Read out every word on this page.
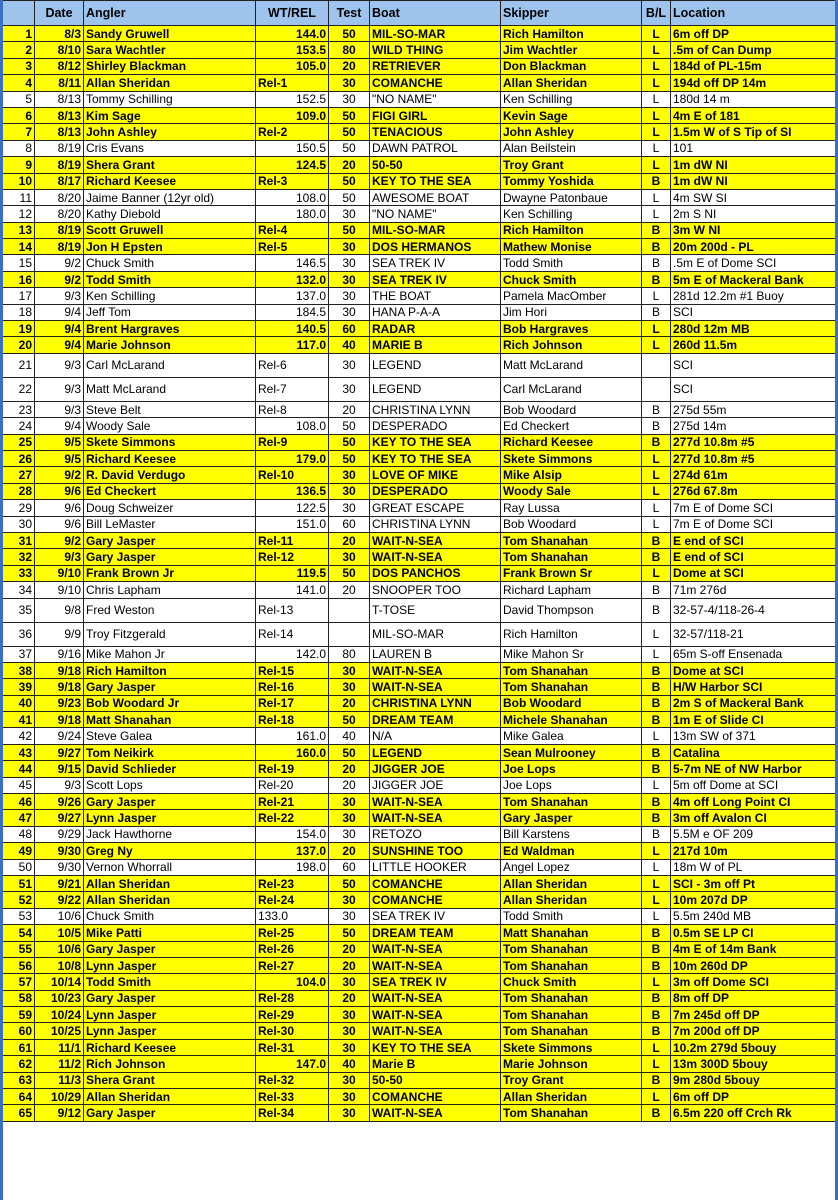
	Date	Angler	WT/REL	Test	Boat	Skipper	B/L	Location
1	8/3	Sandy Gruwell	144.0	50	MIL-SO-MAR	Rich Hamilton	L	6m off DP
2	8/10	Sara Wachtler	153.5	80	WILD THING	Jim Wachtler	L	.5m of Can Dump
3	8/12	Shirley Blackman	105.0	20	RETRIEVER	Don Blackman	L	184d of PL-15m
4	8/11	Allan Sheridan	Rel-1	30	COMANCHE	Allan Sheridan	L	194d off DP 14m
5	8/13	Tommy Schilling	152.5	30	"NO NAME"	Ken Schilling	L	180d 14 m
6	8/13	Kim Sage	109.0	50	FIGI GIRL	Kevin Sage	L	4m E of 181
7	8/13	John Ashley	Rel-2	50	TENACIOUS	John Ashley	L	1.5m W of S Tip of SI
8	8/19	Cris Evans	150.5	50	DAWN PATROL	Alan Beilstein	L	101
9	8/19	Shera Grant	124.5	20	50-50	Troy Grant	L	1m dW NI
10	8/17	Richard Keesee	Rel-3	50	KEY TO THE SEA	Tommy Yoshida	B	1m dW NI
11	8/20	Jaime Banner (12yr old)	108.0	50	AWESOME BOAT	Dwayne Patonbaue	L	4m SW SI
12	8/20	Kathy Diebold	180.0	30	"NO NAME"	Ken Schilling	L	2m S NI
13	8/19	Scott Gruwell	Rel-4	50	MIL-SO-MAR	Rich Hamilton	B	3m W NI
14	8/19	Jon H Epsten	Rel-5	30	DOS HERMANOS	Mathew Monise	B	20m 200d - PL
15	9/2	Chuck Smith	146.5	30	SEA TREK IV	Todd Smith	B	.5m E of Dome SCI
16	9/2	Todd Smith	132.0	30	SEA TREK IV	Chuck Smith	B	5m E of Mackeral Bank
17	9/3	Ken Schilling	137.0	30	THE BOAT	Pamela MacOmber	L	281d 12.2m #1 Buoy
18	9/4	Jeff Tom	184.5	30	HANA P-A-A	Jim Hori	B	SCI
19	9/4	Brent Hargraves	140.5	60	RADAR	Bob Hargraves	L	280d 12m MB
20	9/4	Marie Johnson	117.0	40	MARIE B	Rich Johnson	L	260d 11.5m
21	9/3	Carl McLarand	Rel-6	30	LEGEND	Matt McLarand		SCI
22	9/3	Matt McLarand	Rel-7	30	LEGEND	Carl McLarand		SCI
23	9/3	Steve Belt	Rel-8	20	CHRISTINA LYNN	Bob Woodard	B	275d 55m
24	9/4	Woody Sale	108.0	50	DESPERADO	Ed Checkert	B	275d 14m
25	9/5	Skete Simmons	Rel-9	50	KEY TO THE SEA	Richard Keesee	B	277d 10.8m #5
26	9/5	Richard Keesee	179.0	50	KEY TO THE SEA	Skete Simmons	L	277d 10.8m #5
27	9/2	R. David Verdugo	Rel-10	30	LOVE OF MIKE	Mike Alsip	L	274d 61m
28	9/6	Ed Checkert	136.5	30	DESPERADO	Woody Sale	L	276d 67.8m
29	9/6	Doug Schweizer	122.5	30	GREAT ESCAPE	Ray Lussa	L	7m E of Dome SCI
30	9/6	Bill LeMaster	151.0	60	CHRISTINA LYNN	Bob Woodard	L	7m E of Dome SCI
31	9/2	Gary Jasper	Rel-11	20	WAIT-N-SEA	Tom Shanahan	B	E end of SCI
32	9/3	Gary Jasper	Rel-12	30	WAIT-N-SEA	Tom Shanahan	B	E end of SCI
33	9/10	Frank Brown Jr	119.5	50	DOS PANCHOS	Frank Brown Sr	L	Dome at SCI
34	9/10	Chris Lapham	141.0	20	SNOOPER TOO	Richard Lapham	B	71m 276d
35	9/8	Fred Weston	Rel-13		T-TOSE	David Thompson	B	32-57-4/118-26-4
36	9/9	Troy Fitzgerald	Rel-14		MIL-SO-MAR	Rich Hamilton	L	32-57/118-21
37	9/16	Mike Mahon Jr	142.0	80	LAUREN B	Mike Mahon Sr	L	65m S-off Ensenada
38	9/18	Rich Hamilton	Rel-15	30	WAIT-N-SEA	Tom Shanahan	B	Dome at SCI
39	9/18	Gary Jasper	Rel-16	30	WAIT-N-SEA	Tom Shanahan	B	H/W Harbor SCI
40	9/23	Bob Woodard Jr	Rel-17	20	CHRISTINA LYNN	Bob Woodard	B	2m S of Mackeral Bank
41	9/18	Matt Shanahan	Rel-18	50	DREAM TEAM	Michele Shanahan	B	1m E of Slide CI
42	9/24	Steve Galea	161.0	40	N/A	Mike Galea	L	13m SW of 371
43	9/27	Tom Neikirk	160.0	50	LEGEND	Sean Mulrooney	B	Catalina
44	9/15	David Schlieder	Rel-19	20	JIGGER JOE	Joe Lops	B	5-7m NE of NW Harbor
45	9/3	Scott Lops	Rel-20	20	JIGGER JOE	Joe Lops	L	5m off Dome at SCI
46	9/26	Gary Jasper	Rel-21	30	WAIT-N-SEA	Tom Shanahan	B	4m off Long Point CI
47	9/27	Lynn Jasper	Rel-22	30	WAIT-N-SEA	Gary Jasper	B	3m off Avalon CI
48	9/29	Jack Hawthorne	154.0	30	RETOZO	Bill Karstens	B	5.5M e OF 209
49	9/30	Greg Ny	137.0	20	SUNSHINE TOO	Ed Waldman	L	217d 10m
50	9/30	Vernon Whorrall	198.0	60	LITTLE HOOKER	Angel Lopez	L	18m W of PL
51	9/21	Allan Sheridan	Rel-23	50	COMANCHE	Allan Sheridan	L	SCI - 3m off Pt
52	9/22	Allan Sheridan	Rel-24	30	COMANCHE	Allan Sheridan	L	10m 207d DP
53	10/6	Chuck Smith	133.0	30	SEA TREK IV	Todd Smith	L	5.5m 240d MB
54	10/5	Mike Patti	Rel-25	50	DREAM TEAM	Matt Shanahan	B	0.5m SE LP CI
55	10/6	Gary Jasper	Rel-26	20	WAIT-N-SEA	Tom Shanahan	B	4m E of 14m Bank
56	10/8	Lynn Jasper	Rel-27	20	WAIT-N-SEA	Tom Shanahan	B	10m 260d DP
57	10/14	Todd Smith	104.0	30	SEA TREK IV	Chuck Smith	L	3m off Dome SCI
58	10/23	Gary Jasper	Rel-28	20	WAIT-N-SEA	Tom Shanahan	B	8m off DP
59	10/24	Lynn Jasper	Rel-29	30	WAIT-N-SEA	Tom Shanahan	B	7m 245d off DP
60	10/25	Lynn Jasper	Rel-30	30	WAIT-N-SEA	Tom Shanahan	B	7m 200d off DP
61	11/1	Richard Keesee	Rel-31	30	KEY TO THE SEA	Skete Simmons	L	10.2m 279d 5bouy
62	11/2	Rich Johnson	147.0	40	Marie B	Marie Johnson	L	13m 300D 5bouy
63	11/3	Shera Grant	Rel-32	30	50-50	Troy Grant	B	9m 280d 5bouy
64	10/29	Allan Sheridan	Rel-33	30	COMANCHE	Allan Sheridan	L	6m off DP
65	9/12	Gary Jasper	Rel-34	30	WAIT-N-SEA	Tom Shanahan	B	6.5m 220 off Crch Rk
